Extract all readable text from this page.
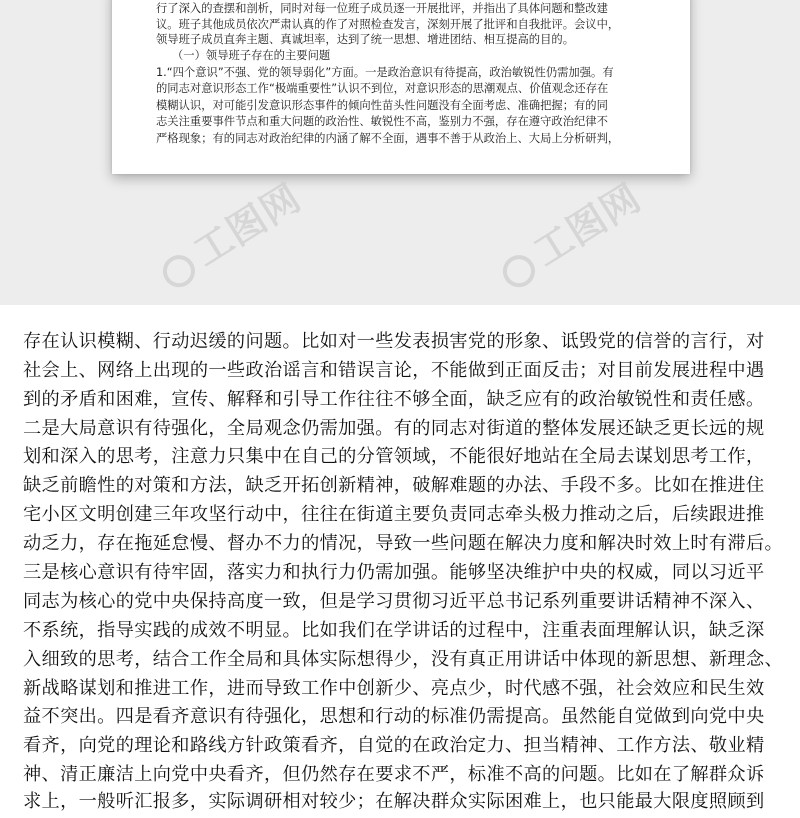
行了深入的查摆和剖析，同时对每一位班子成员逐一开展批评，并指出了具体问题和整改建
议。班子其他成员依次严肃认真的作了对照检查发言，深刻开展了批评和自我批评。会议中，
领导班子成员直奔主题、真诚坦率，达到了统一思想、增进团结、相互提高的目的。
（一）领导班子存在的主要问题
1.“四个意识”不强、党的领导弱化”方面。一是政治意识有待提高，政治敏锐性仍需加强。有
的同志对意识形态工作“极端重要性”认识不到位，对意识形态的思潮观点、价值观念还存在
模糊认识，对可能引发意识形态事件的倾向性苗头性问题没有全面考虑、准确把握；有的同
志关注重要事件节点和重大问题的政治性、敏锐性不高，鉴别力不强，存在遵守政治纪律不
严格现象；有的同志对政治纪律的内涵了解不全面，遇事不善于从政治上、大局上分析研判，
工图网	工图网
存在认识模糊、行动迟缓的问题。比如对一些发表损害党的形象、诋毁党的信誉的言行，对
社会上、网络上出现的一些政治谣言和错误言论，不能做到正面反击；对目前发展进程中遇
到的矛盾和困难，宣传、解释和引导工作往往不够全面，缺乏应有的政治敏锐性和责任感。
二是大局意识有待强化，全局观念仍需加强。有的同志对街道的整体发展还缺乏更长远的规
划和深入的思考，注意力只集中在自己的分管领域，不能很好地站在全局去谋划思考工作，
缺乏前瞻性的对策和方法，缺乏开拓创新精神，破解难题的办法、手段不多。比如在推进住
宅小区文明创建三年攻坚行动中，往往在街道主要负责同志牵头极力推动之后，后续跟进推
动乏力，存在拖延怠慢、督办不力的情况，导致一些问题在解决力度和解决时效上时有滞后。
三是核心意识有待牢固，落实力和执行力仍需加强。能够坚决维护中央的权威，同以习近平
同志为核心的党中央保持高度一致，但是学习贯彻习近平总书记系列重要讲话精神不深入、
不系统，指导实践的成效不明显。比如我们在学讲话的过程中，注重表面理解认识，缺乏深
入细致的思考，结合工作全局和具体实际想得少，没有真正用讲话中体现的新思想、新理念、
新战略谋划和推进工作，进而导致工作中创新少、亮点少，时代感不强，社会效应和民生效
益不突出。四是看齐意识有待强化，思想和行动的标准仍需提高。虽然能自觉做到向党中央
看齐，向党的理论和路线方针政策看齐，自觉的在政治定力、担当精神、工作方法、敬业精
神、清正廉洁上向党中央看齐，但仍然存在要求不严，标准不高的问题。比如在了解群众诉
求上，一般听汇报多，实际调研相对较少；在解决群众实际困难上，也只能最大限度照顾到
